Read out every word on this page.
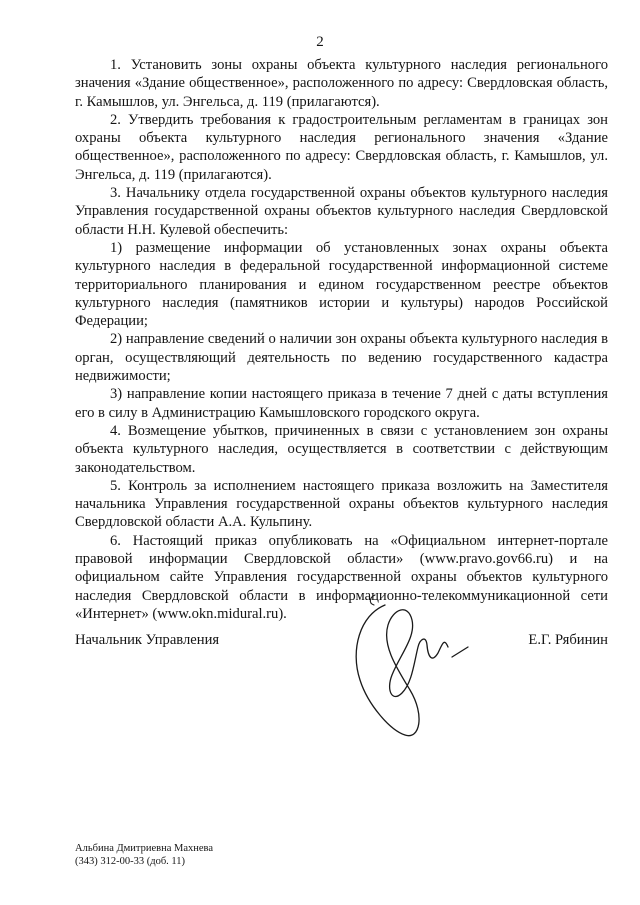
2

1. Установить зоны охраны объекта культурного наследия регионального значения «Здание общественное», расположенного по адресу: Свердловская область, г. Камышлов, ул. Энгельса, д. 119 (прилагаются).

2. Утвердить требования к градостроительным регламентам в границах зон охраны объекта культурного наследия регионального значения «Здание общественное», расположенного по адресу: Свердловская область, г. Камышлов, ул. Энгельса, д. 119 (прилагаются).

3. Начальнику отдела государственной охраны объектов культурного наследия Управления государственной охраны объектов культурного наследия Свердловской области Н.Н. Кулевой обеспечить:

1) размещение информации об установленных зонах охраны объекта культурного наследия в федеральной государственной информационной системе территориального планирования и едином государственном реестре объектов культурного наследия (памятников истории и культуры) народов Российской Федерации;

2) направление сведений о наличии зон охраны объекта культурного наследия в орган, осуществляющий деятельность по ведению государственного кадастра недвижимости;

3) направление копии настоящего приказа в течение 7 дней с даты вступления его в силу в Администрацию Камышловского городского округа.

4. Возмещение убытков, причиненных в связи с установлением зон охраны объекта культурного наследия, осуществляется в соответствии с действующим законодательством.

5. Контроль за исполнением настоящего приказа возложить на Заместителя начальника Управления государственной охраны объектов культурного наследия Свердловской области А.А. Кульпину.

6. Настоящий приказ опубликовать на «Официальном интернет-портале правовой информации Свердловской области» (www.pravo.gov66.ru) и на официальном сайте Управления государственной охраны объектов культурного наследия Свердловской области в информационно-телекоммуникационной сети «Интернет» (www.okn.midural.ru).

Начальник Управления	Е.Г. Рябинин
Альбина Дмитриевна Махнева
(343) 312-00-33 (доб. 11)
